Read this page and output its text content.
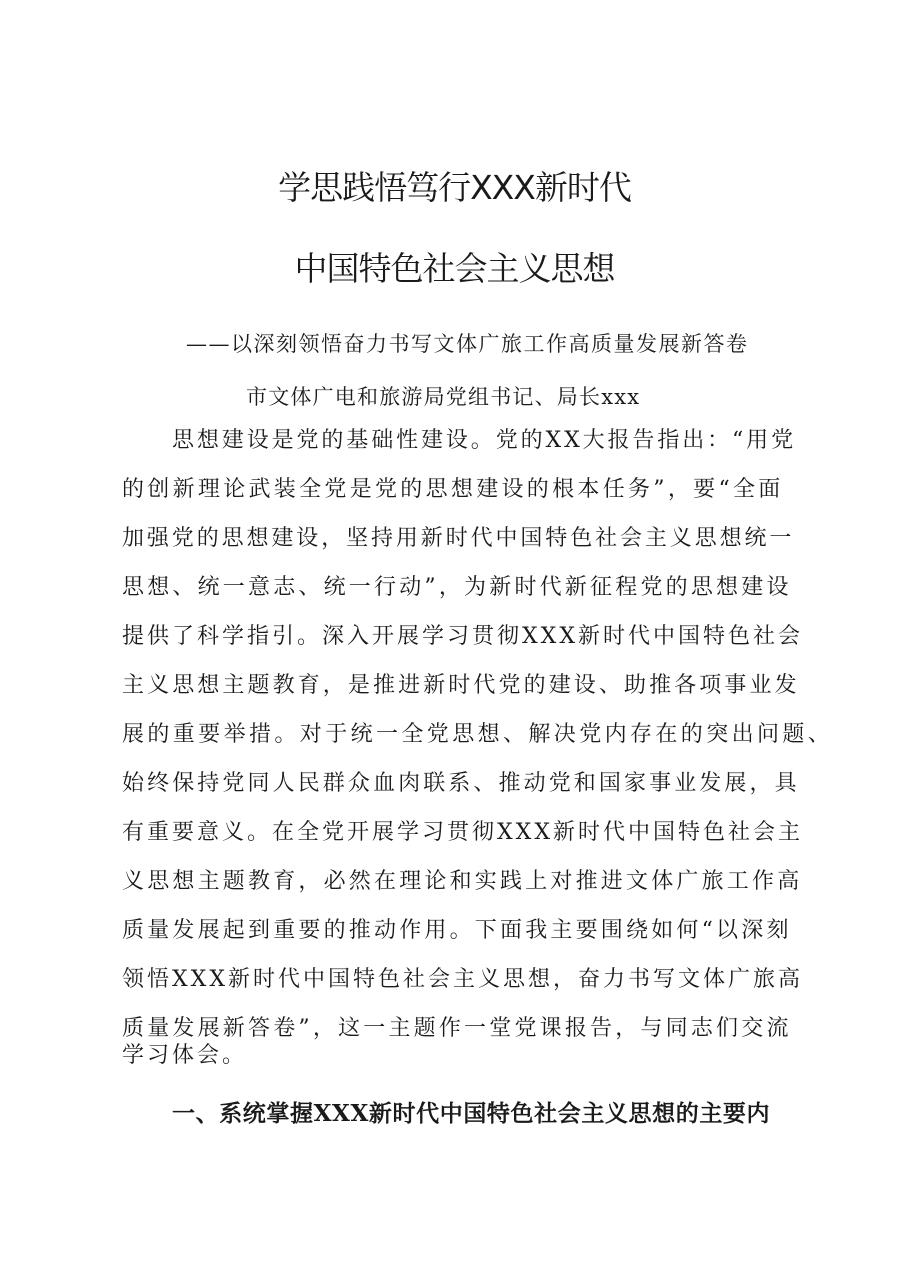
学思践悟笃行XXX新时代
中国特色社会主义思想

——以深刻领悟奋力书写文体广旅工作高质量发展新答卷

市文体广电和旅游局党组书记、局长xxx

思想建设是党的基础性建设。党的XX大报告指出：“用党

的创新理论武装全党是党的思想建设的根本任务”，要“全面

加强党的思想建设，坚持用新时代中国特色社会主义思想统一

思想、统一意志、统一行动”，为新时代新征程党的思想建设

提供了科学指引。深入开展学习贯彻XXX新时代中国特色社会

主义思想主题教育，是推进新时代党的建设、助推各项事业发

展的重要举措。对于统一全党思想、解决党内存在的突出问题、

始终保持党同人民群众血肉联系、推动党和国家事业发展，具

有重要意义。在全党开展学习贯彻XXX新时代中国特色社会主

义思想主题教育，必然在理论和实践上对推进文体广旅工作高

质量发展起到重要的推动作用。下面我主要围绕如何“以深刻

领悟XXX新时代中国特色社会主义思想，奋力书写文体广旅高

质量发展新答卷”，这一主题作一堂党课报告，与同志们交流

学习体会。

一、系统掌握XXX新时代中国特色社会主义思想的主要内
